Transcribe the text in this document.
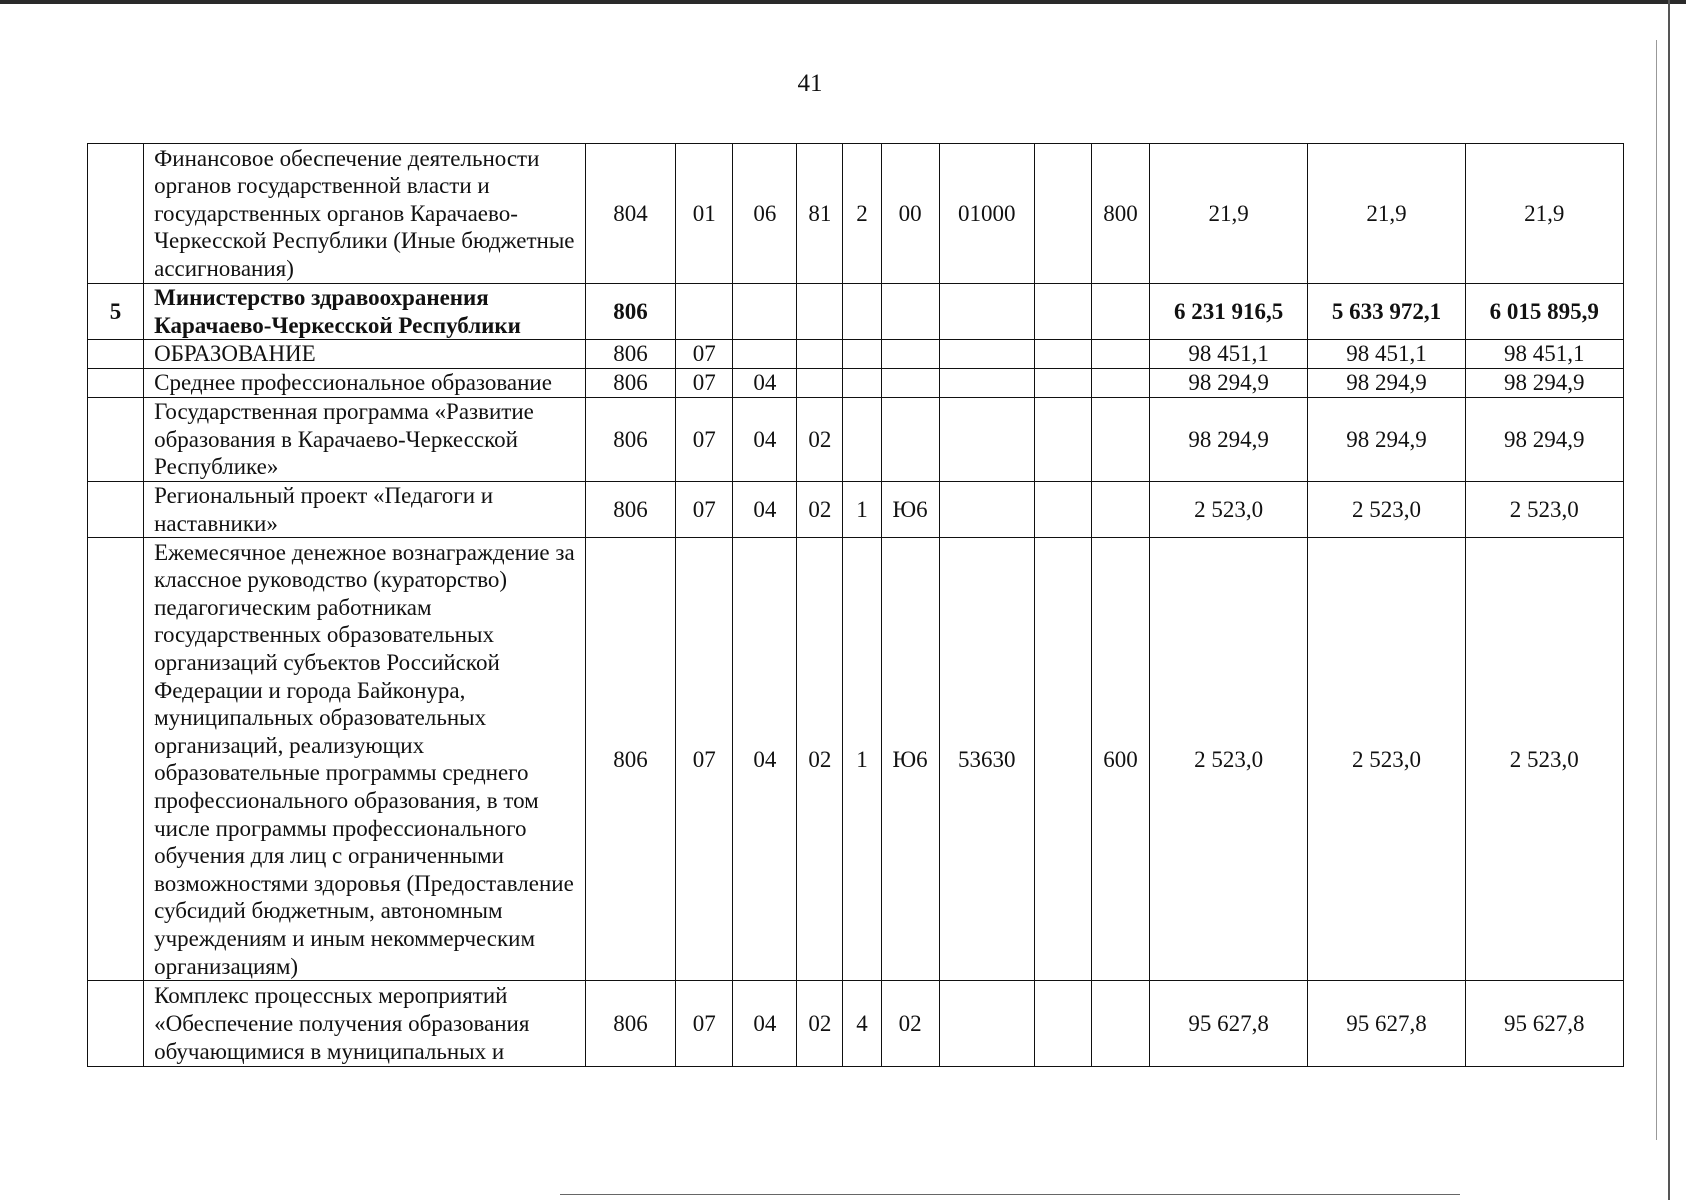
41
	Финансовое обеспечение деятельности органов государственной власти и государственных органов Карачаево-Черкесской Республики (Иные бюджетные ассигнования)	804	01	06	81	2	00	01000		800	21,9	21,9	21,9
5	Министерство здравоохранения Карачаево-Черкесской Республики	806									6 231 916,5	5 633 972,1	6 015 895,9
	ОБРАЗОВАНИЕ	806	07								98 451,1	98 451,1	98 451,1
	Среднее профессиональное образование	806	07	04							98 294,9	98 294,9	98 294,9
	Государственная программа «Развитие образования в Карачаево-Черкесской Республике»	806	07	04	02						98 294,9	98 294,9	98 294,9
	Региональный проект «Педагоги и наставники»	806	07	04	02	1	Ю6				2 523,0	2 523,0	2 523,0
	Ежемесячное денежное вознаграждение за классное руководство (кураторство) педагогическим работникам государственных образовательных организаций субъектов Российской Федерации и города Байконура, муниципальных образовательных организаций, реализующих образовательные программы среднего профессионального образования, в том числе программы профессионального обучения для лиц с ограниченными возможностями здоровья (Предоставление субсидий бюджетным, автономным учреждениям и иным некоммерческим организациям)	806	07	04	02	1	Ю6	53630		600	2 523,0	2 523,0	2 523,0
	Комплекс процессных мероприятий «Обеспечение получения образования обучающимися в муниципальных и	806	07	04	02	4	02				95 627,8	95 627,8	95 627,8
